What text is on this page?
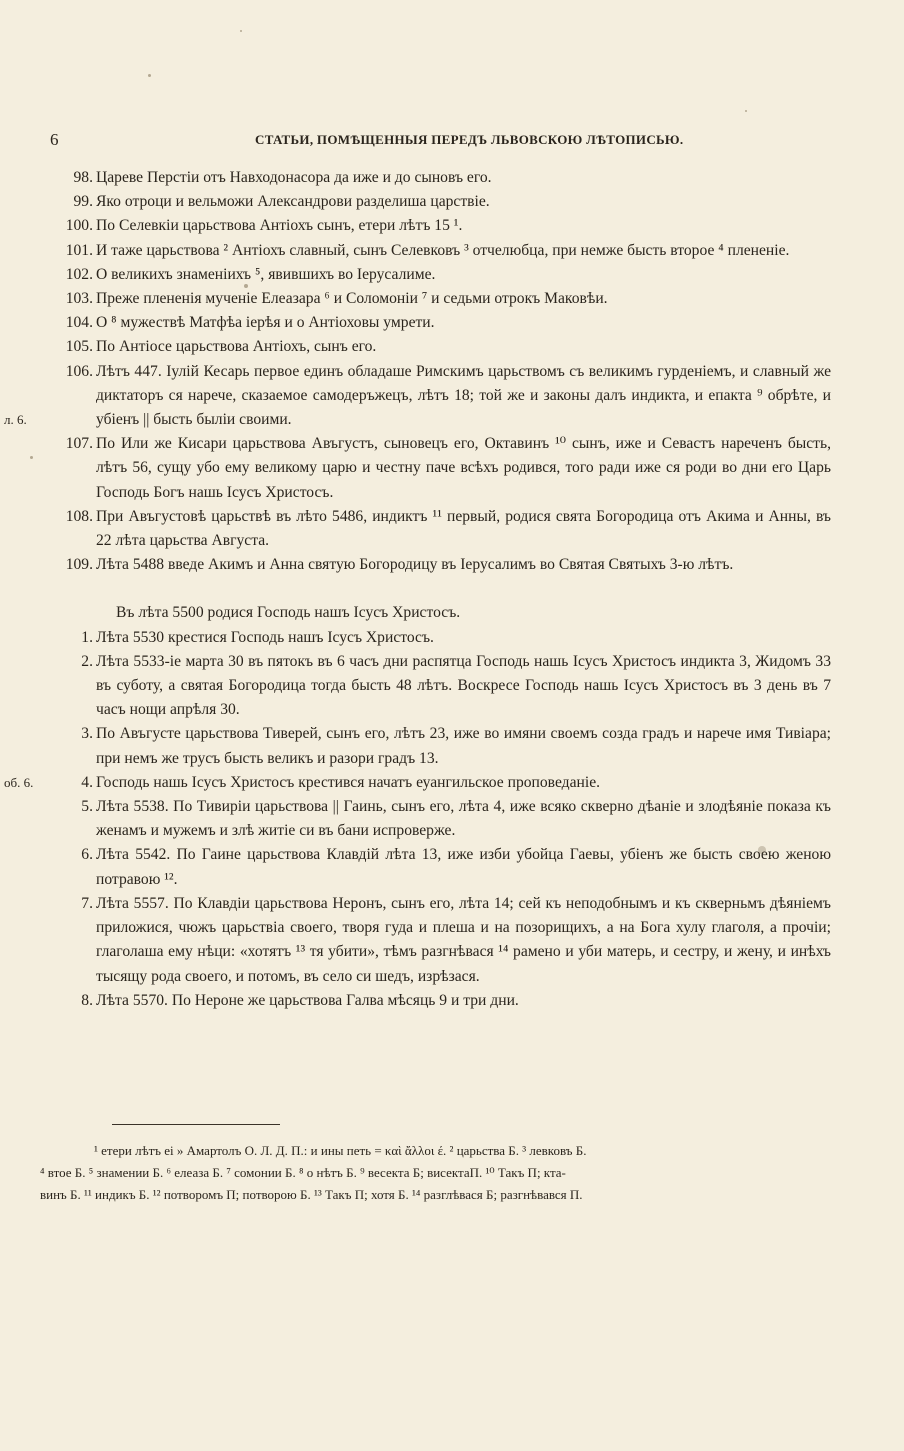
6	СТАТЬИ, ПОМѢЩЕННЫЯ ПЕРЕДЪ ЛЬВОВСКОЮ ЛѢТОПИСЬЮ.
98. Цареве Перстіи отъ Навходонасора да иже и до сыновъ его.
99. Яко отроци и вельможи Александрови разделиша царствіе.
100. По Селевкіи царьствова Антіохъ сынъ, етери лѣтъ 15 ¹.
101. И таже царьствова ² Антіохъ славный, сынъ Селевковъ ³ отчелюбца, при немже бысть второе ⁴ плененіе.
102. О великихъ знаменіихъ ⁵, явившихъ во Іерусалиме.
103. Преже плененія мученіе Елеазара ⁶ и Соломоніи ⁷ и седьми отрокъ Маковѣи.
104. О ⁸ мужествѣ Матфѣа іерѣя и о Антіоховы умрети.
105. По Антіосе царьствова Антіохъ, сынъ его.
106.
л. 6.
Лѣтъ 447. Іулій Кесарь первое единъ обладаше Римскимъ царьствомъ съ великимъ гурденіемъ, и славный же диктаторъ ся нарече, сказаемое самодеръжецъ, лѣтъ 18; той же и законы далъ индикта, и епакта ⁹ обрѣте, и убіенъ || бысть быліи своими.
107. По Или же Кисари царьствова Авъгустъ, сыновецъ его, Октавинъ ¹⁰ сынъ, иже и Севастъ нареченъ бысть, лѣтъ 56, сущу убо ему великому царю и честну паче всѣхъ родився, того ради иже ся роди во дни его Царь Господь Богъ нашь Ісусъ Христосъ.
108. При Авъгустовѣ царьствѣ въ лѣто 5486, индиктъ ¹¹ первый, родися свята Богородица отъ Акима и Анны, въ 22 лѣта царьства Августа.
109. Лѣта 5488 введе Акимъ и Анна святую Богородицу въ Іерусалимъ во Святая Святыхъ 3-ю лѣтъ.
Въ лѣта 5500 родися Господь нашъ Ісусъ Христосъ.
1. Лѣта 5530 крестися Господь нашъ Ісусъ Христосъ.
2. Лѣта 5533-іе марта 30 въ пятокъ въ 6 часъ дни распятца Господь нашь Ісусъ Христосъ индикта 3, Жидомъ 33 въ суботу, а святая Богородица тогда бысть 48 лѣтъ. Воскресе Господь нашь Ісусъ Христосъ въ 3 день въ 7 часъ нощи апрѣля 30.
3. По Авъгусте царьствова Тиверей, сынъ его, лѣтъ 23, иже во имяни своемъ созда градъ и нарече имя Тивіара; при немъ же трусъ бысть великъ и разори градъ 13.
4.
об. 6.	Господь нашь Ісусъ Христосъ крестився начатъ еуангильское проповеданіе.
5. Лѣта 5538. По Тивиріи царьствова || Гаинь, сынъ его, лѣта 4, иже всяко скверно дѣаніе и злодѣяніе показа къ женамъ и мужемъ и злѣ житіе си въ бани испроверже.
6. Лѣта 5542. По Гаине царьствова Клавдій лѣта 13, иже изби убойца Гаевы, убіенъ же бысть своею женою потравою ¹².
7. Лѣта 5557. По Клавдіи царьствова Неронъ, сынъ его, лѣта 14; сей къ неподобнымъ и къ скверньмъ дѣяніемъ приложися, чюжъ царьствіа своего, творя гуда и плеша и на позорищихъ, а на Бога хулу глаголя, а прочіи; глаголаша ему нѣци: «хотятъ ¹³ тя убити», тѣмъ разгнѣвася ¹⁴ рамено и уби матерь, и сестру, и жену, и инѣхъ тысящу рода своего, и потомъ, въ село си шедъ, изрѣзася.
8. Лѣта 5570. По Нероне же царьствова Галва мѣсяць 9 и три дни.
¹ етери лѣтъ еі » Амартолъ О. Л. Д. П.: и ины петь = καὶ ἄλλοι έ. ² царьства Б. ³ левковъ Б.
⁴ втое Б. ⁵ знамении Б. ⁶ елеаза Б. ⁷ сомонии Б. ⁸ о нѣтъ Б. ⁹ весекта Б; висектаП. ¹⁰ Такъ П; кта-
винъ Б. ¹¹ индикъ Б. ¹² потворомъ П; потворою Б. ¹³ Такъ П; хотя Б. ¹⁴ разглѣвася Б; разгнѣвався П.
